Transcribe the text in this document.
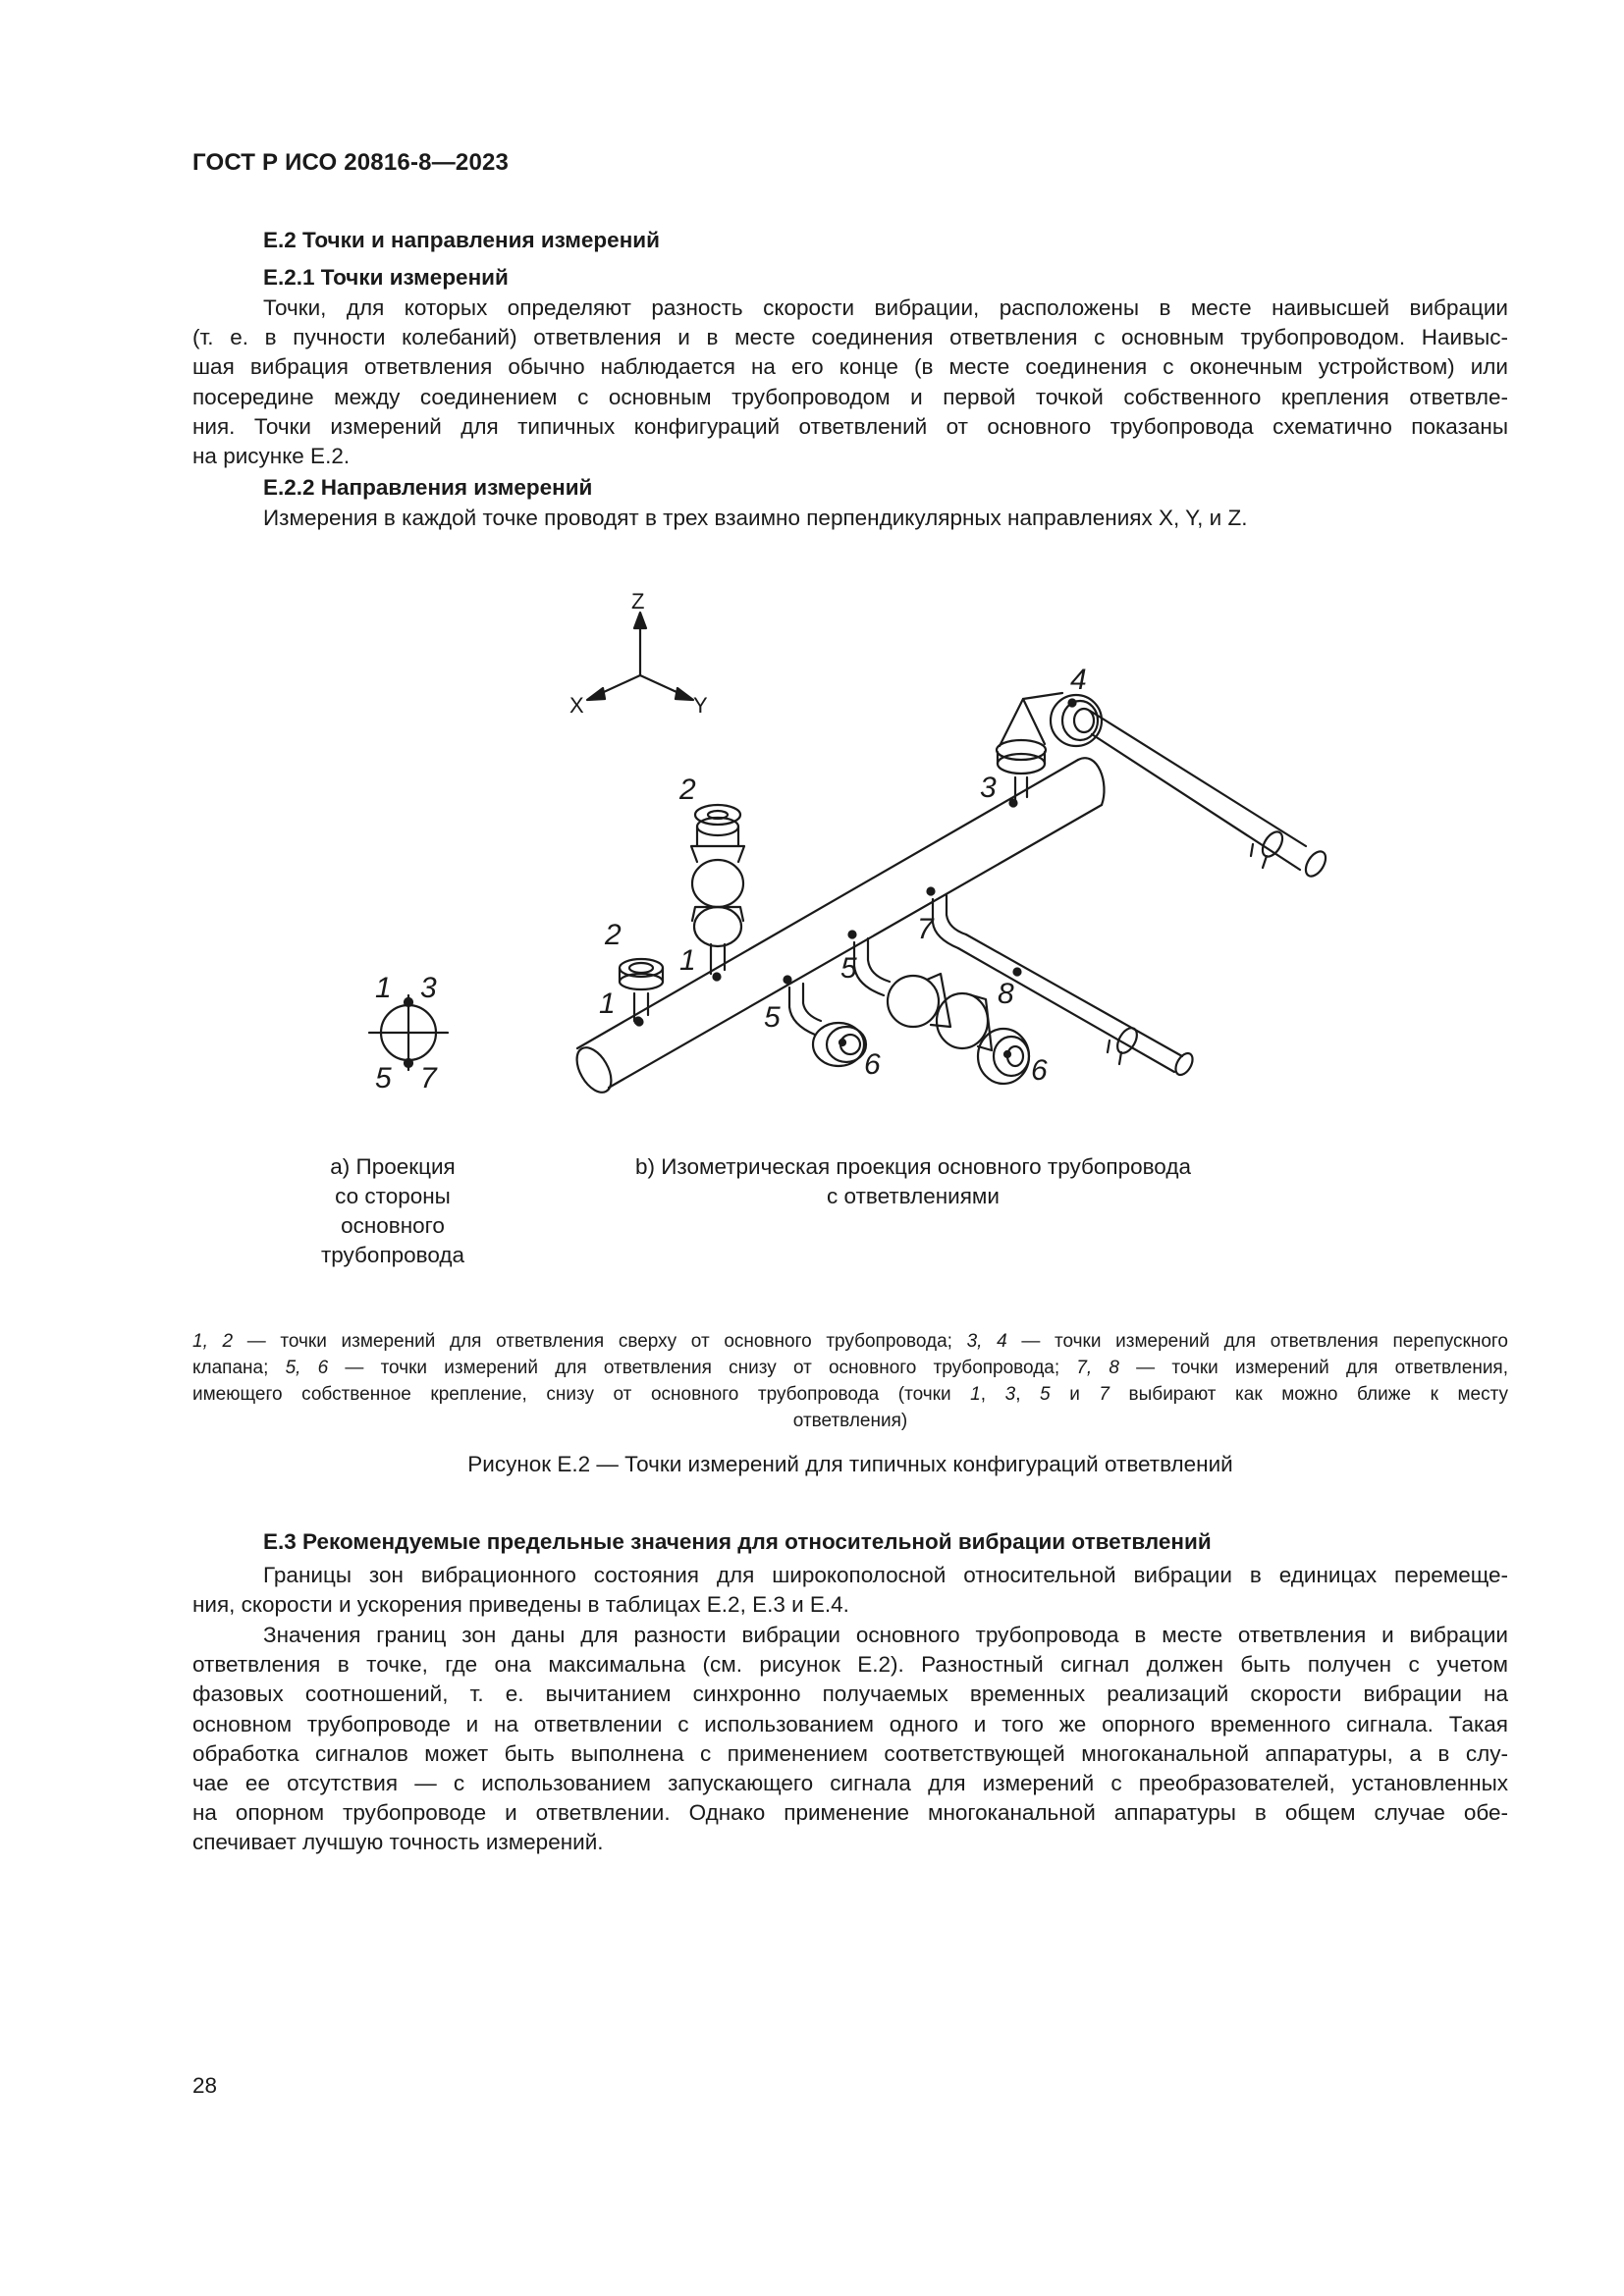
ГОСТ Р ИСО 20816-8—2023
Е.2 Точки и направления измерений
Е.2.1 Точки измерений
Точки, для которых определяют разность скорости вибрации, расположены в месте наивысшей вибрации
(т. е. в пучности колебаний) ответвления и в месте соединения ответвления с основным трубопроводом. Наивыс-
шая вибрация ответвления обычно наблюдается на его конце (в месте соединения с оконечным устройством) или
посередине между соединением с основным трубопроводом и первой точкой собственного крепления ответвле-
ния. Точки измерений для типичных конфигураций ответвлений от основного трубопровода схематично показаны
на рисунке Е.2.
Е.2.2 Направления измерений
Измерения в каждой точке проводят в трех взаимно перпендикулярных направлениях X, Y, и Z.
Z
X	Y
1 3
5 7
1
2
1
2	3
4
5
5
6	6
7
8
а) Проекция
со стороны
основного
трубопровода
b) Изометрическая проекция основного трубопровода
с ответвлениями
1, 2 — точки измерений для ответвления сверху от основного трубопровода; 3, 4 — точки измерений для ответвления перепускного
клапана; 5, 6 — точки измерений для ответвления снизу от основного трубопровода; 7, 8 — точки измерений для ответвления,
имеющего собственное крепление, снизу от основного трубопровода (точки 1, 3, 5 и 7 выбирают как можно ближе к месту
ответвления)
Рисунок Е.2 — Точки измерений для типичных конфигураций ответвлений
Е.3 Рекомендуемые предельные значения для относительной вибрации ответвлений
Границы зон вибрационного состояния для широкополосной относительной вибрации в единицах перемеще-
ния, скорости и ускорения приведены в таблицах Е.2, Е.3 и Е.4.
Значения границ зон даны для разности вибрации основного трубопровода в месте ответвления и вибрации
ответвления в точке, где она максимальна (см. рисунок Е.2). Разностный сигнал должен быть получен с учетом
фазовых соотношений, т. е. вычитанием синхронно получаемых временных реализаций скорости вибрации на
основном трубопроводе и на ответвлении с использованием одного и того же опорного временного сигнала. Такая
обработка сигналов может быть выполнена с применением соответствующей многоканальной аппаратуры, а в слу-
чае ее отсутствия — с использованием запускающего сигнала для измерений с преобразователей, установленных
на опорном трубопроводе и ответвлении. Однако применение многоканальной аппаратуры в общем случае обе-
спечивает лучшую точность измерений.
28
